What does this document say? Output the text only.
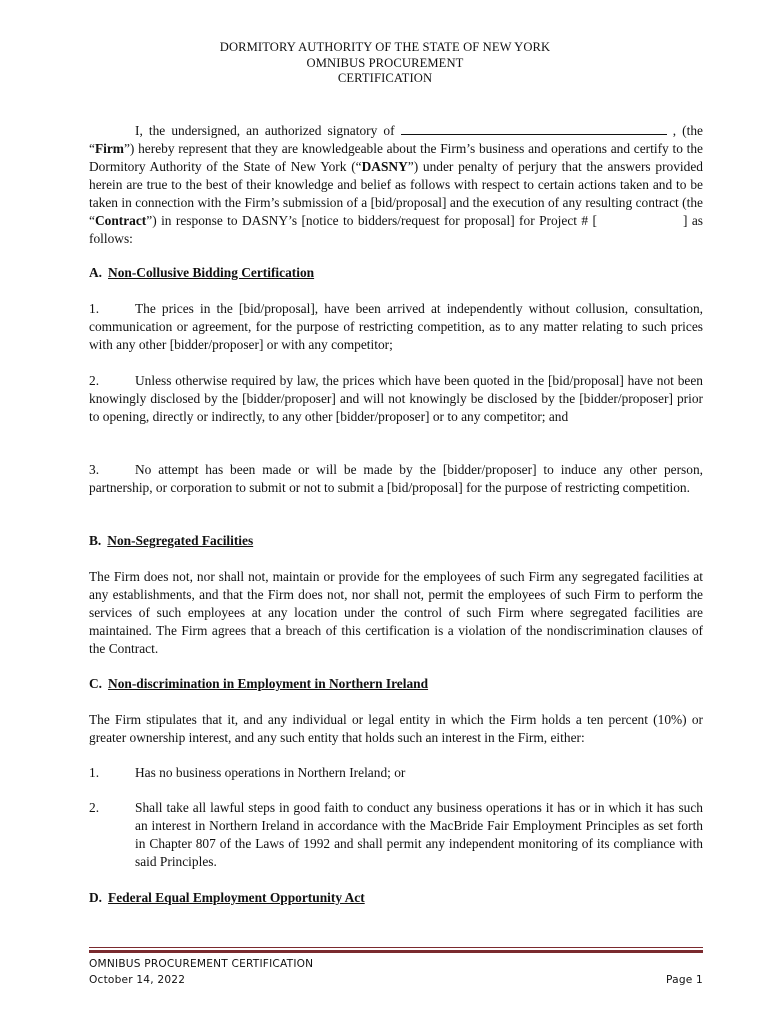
DORMITORY AUTHORITY OF THE STATE OF NEW YORK
OMNIBUS PROCUREMENT
CERTIFICATION

I, the undersigned, an authorized signatory of	, (the “Firm”) hereby represent that they are knowledgeable about the Firm’s business and operations and certify to the Dormitory Authority of the State of New York (“DASNY”) under penalty of perjury that the answers provided herein are true to the best of their knowledge and belief as follows with respect to certain actions taken and to be taken in connection with the Firm’s submission of a [bid/proposal] and the execution of any resulting contract (the “Contract”) in response to DASNY’s [notice to bidders/request for proposal] for Project # [	] as follows:

A. Non-Collusive Bidding Certification

1.	The prices in the [bid/proposal], have been arrived at independently without collusion, consultation, communication or agreement, for the purpose of restricting competition, as to any matter relating to such prices with any other [bidder/proposer] or with any competitor;

2.	Unless otherwise required by law, the prices which have been quoted in the [bid/proposal] have not been knowingly disclosed by the [bidder/proposer] and will not knowingly be disclosed by the [bidder/proposer] prior to opening, directly or indirectly, to any other [bidder/proposer] or to any competitor; and

3.	No attempt has been made or will be made by the [bidder/proposer] to induce any other person, partnership, or corporation to submit or not to submit a [bid/proposal] for the purpose of restricting competition.

B. Non-Segregated Facilities

The Firm does not, nor shall not, maintain or provide for the employees of such Firm any segregated facilities at any establishments, and that the Firm does not, nor shall not, permit the employees of such Firm to perform the services of such employees at any location under the control of such Firm where segregated facilities are maintained. The Firm agrees that a breach of this certification is a violation of the nondiscrimination clauses of the Contract.

C. Non-discrimination in Employment in Northern Ireland

The Firm stipulates that it, and any individual or legal entity in which the Firm holds a ten percent (10%) or greater ownership interest, and any such entity that holds such an interest in the Firm, either:

1.	Has no business operations in Northern Ireland; or
2.	Shall take all lawful steps in good faith to conduct any business operations it has or in which it has such an interest in Northern Ireland in accordance with the MacBride Fair Employment Principles as set forth in Chapter 807 of the Laws of 1992 and shall permit any independent monitoring of its compliance with said Principles.
D. Federal Equal Employment Opportunity Act
OMNIBUS PROCUREMENT CERTIFICATION
October 14, 2022	Page 1
